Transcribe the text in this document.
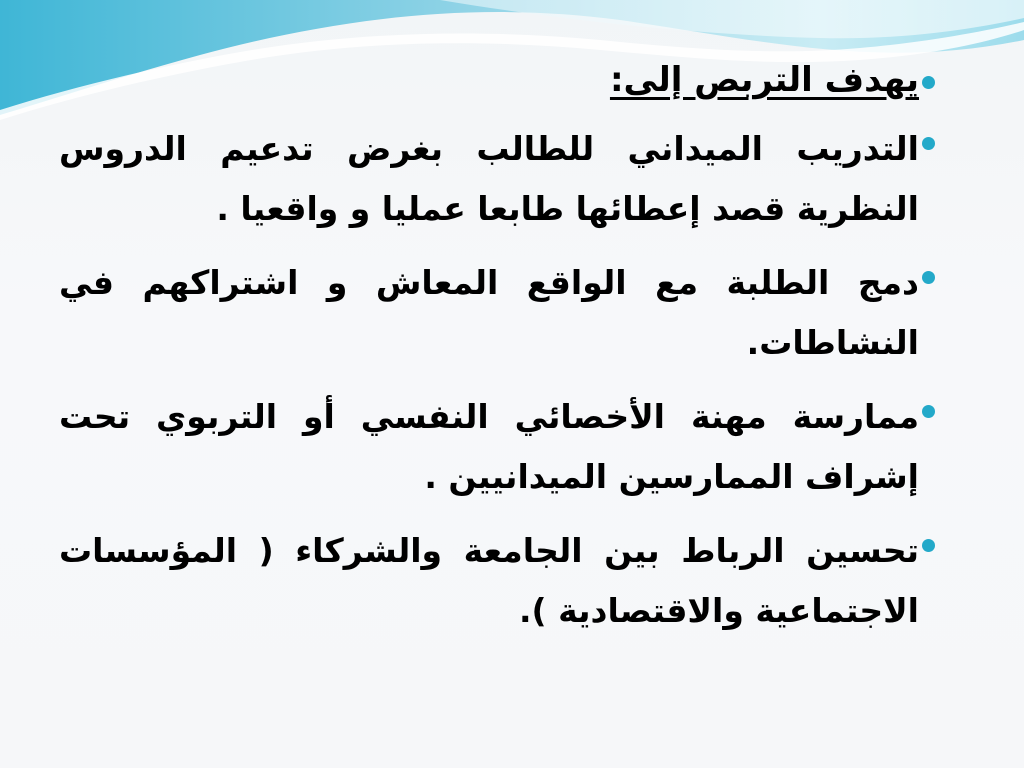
يهدف التربص إلى:
التدريب الميداني للطالب بغرض تدعيم الدروس النظرية قصد إعطائها طابعا عمليا و واقعيا .
دمج الطلبة مع الواقع المعاش و اشتراكهم في النشاطات.
ممارسة مهنة الأخصائي النفسي أو التربوي تحت إشراف الممارسين الميدانيين .
تحسين الرباط بين الجامعة والشركاء ( المؤسسات الاجتماعية والاقتصادية ).
